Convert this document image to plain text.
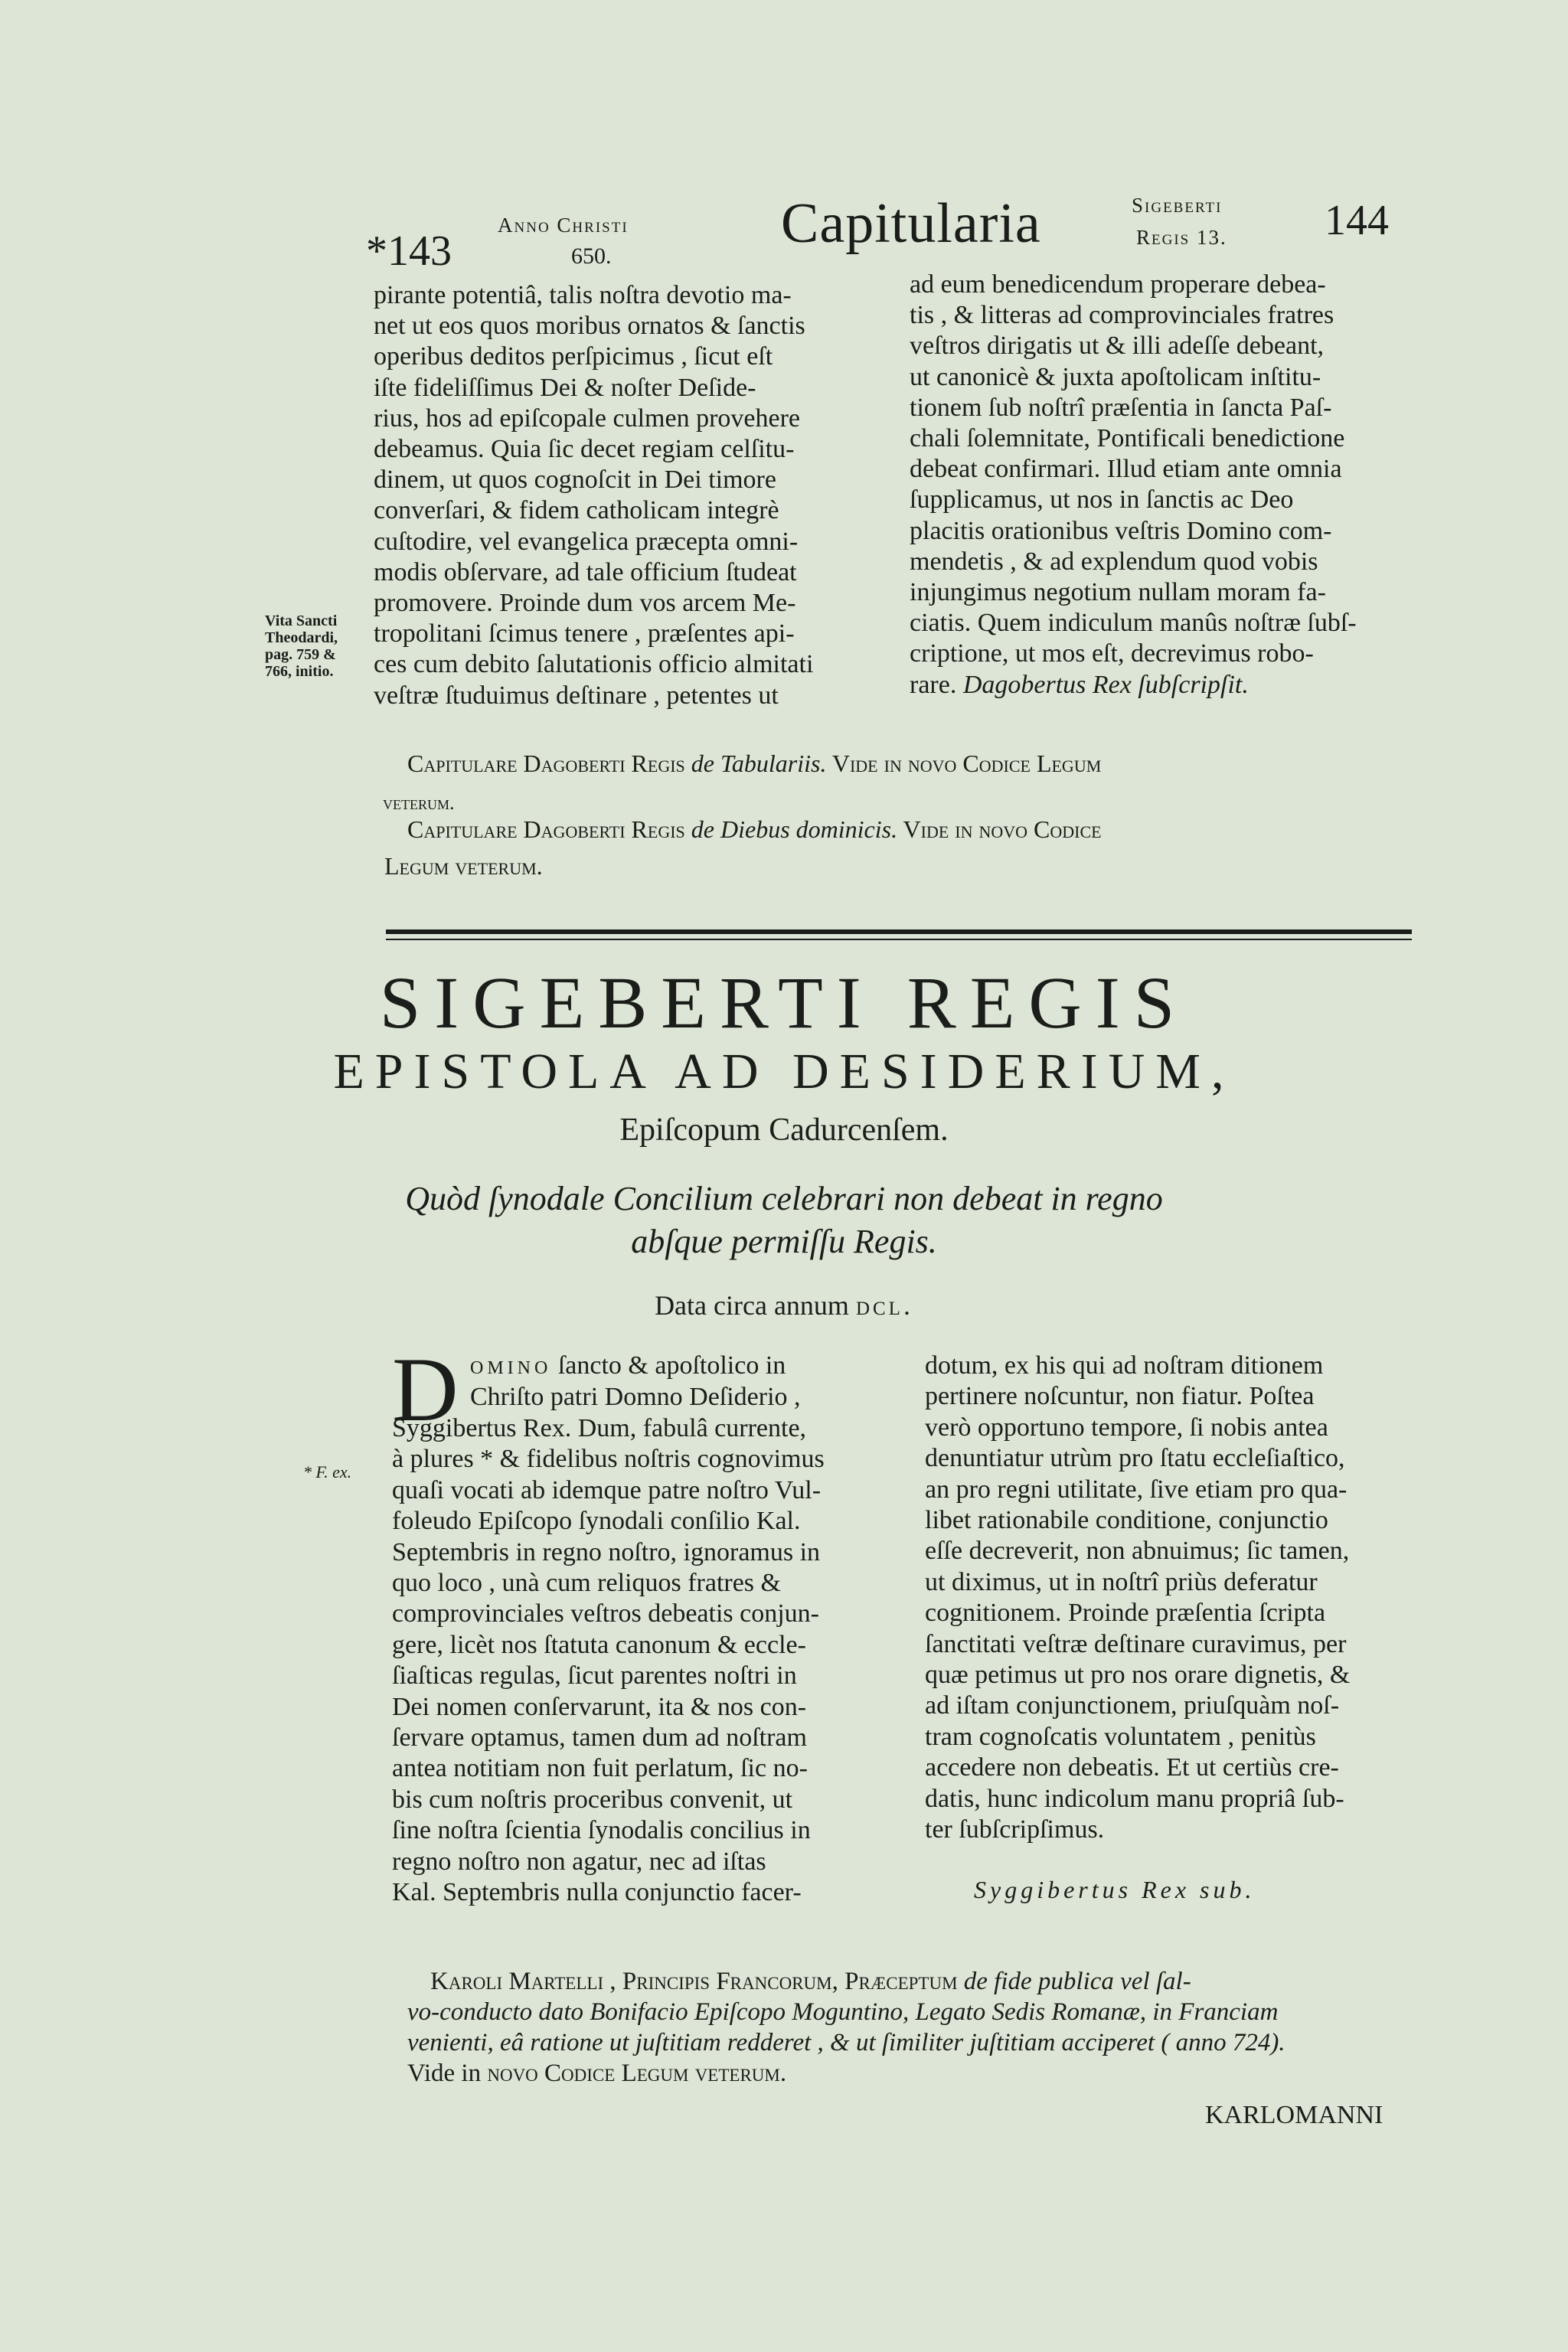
*143
Anno Christi
650.
Capitularia	Sigeberti
Regis 13. 144
Vita Sancti
Theodardi,
pag. 759 &
766, initio.
pirante potentiâ, talis noſtra devotio ma-
net ut eos quos moribus ornatos & ſanctis
operibus deditos perſpicimus , ſicut eſt
iſte fideliſſimus Dei & noſter Deſide-
rius, hos ad epiſcopale culmen provehere
debeamus. Quia ſic decet regiam celſitu-
dinem, ut quos cognoſcit in Dei timore
converſari, & fidem catholicam integrè
cuſtodire, vel evangelica præcepta omni-
modis obſervare, ad tale officium ſtudeat
promovere. Proinde dum vos arcem Me-
tropolitani ſcimus tenere , præſentes api-
ces cum debito ſalutationis officio almitati
veſtræ ſtuduimus deſtinare , petentes ut
ad eum benedicendum properare debea-
tis , & litteras ad comprovinciales fratres
veſtros dirigatis ut & illi adeſſe debeant,
ut canonicè & juxta apoſtolicam inſtitu-
tionem ſub noſtrî præſentia in ſancta Paſ-
chali ſolemnitate, Pontificali benedictione
debeat confirmari. Illud etiam ante omnia
ſupplicamus, ut nos in ſanctis ac Deo
placitis orationibus veſtris Domino com-
mendetis , & ad explendum quod vobis
injungimus negotium nullam moram fa-
ciatis. Quem indiculum manûs noſtræ ſubſ-
criptione, ut mos eſt, decrevimus robo-
rare. Dagobertus Rex ſubſcripſit.
Capitulare Dagoberti Regis de Tabulariis. Vide in novo Codice Legum
veterum.
Capitulare Dagoberti Regis de Diebus dominicis. Vide in novo Codice
Legum veterum.
SIGEBERTI REGIS
EPISTOLA AD DESIDERIUM,
Epiſcopum Cadurcenſem.
Quòd ſynodale Concilium celebrari non debeat in regno
abſque permiſſu Regis.
Data circa annum dcl.
* F. ex.
D omino ſancto & apoſtolico in
Chriſto patri Domno Deſiderio ,
Syggibertus Rex. Dum, fabulâ currente,
à plures * & fidelibus noſtris cognovimus
quaſi vocati ab idemque patre noſtro Vul-
foleudo Epiſcopo ſynodali conſilio Kal.
Septembris in regno noſtro, ignoramus in
quo loco , unà cum reliquos fratres &
comprovinciales veſtros debeatis conjun-
gere, licèt nos ſtatuta canonum & eccle-
ſiaſticas regulas, ſicut parentes noſtri in
Dei nomen conſervarunt, ita & nos con-
ſervare optamus, tamen dum ad noſtram
antea notitiam non fuit perlatum, ſic no-
bis cum noſtris proceribus convenit, ut
ſine noſtra ſcientia ſynodalis concilius in
regno noſtro non agatur, nec ad iſtas
Kal. Septembris nulla conjunctio facer-
dotum, ex his qui ad noſtram ditionem
pertinere noſcuntur, non fiatur. Poſtea
verò opportuno tempore, ſi nobis antea
denuntiatur utrùm pro ſtatu eccleſiaſtico,
an pro regni utilitate, ſive etiam pro qua-
libet rationabile conditione, conjunctio
eſſe decreverit, non abnuimus; ſic tamen,
ut diximus, ut in noſtrî priùs deferatur
cognitionem. Proinde præſentia ſcripta
ſanctitati veſtræ deſtinare curavimus, per
quæ petimus ut pro nos orare dignetis, &
ad iſtam conjunctionem, priuſquàm noſ-
tram cognoſcatis voluntatem , penitùs
accedere non debeatis. Et ut certiùs cre-
datis, hunc indicolum manu propriâ ſub-
ter ſubſcripſimus.
Syggibertus Rex sub.
Karoli Martelli , Principis Francorum, Præceptum de fide publica vel ſal-
vo-conducto dato Bonifacio Epiſcopo Moguntino, Legato Sedis Romanæ, in Franciam
venienti, eâ ratione ut juſtitiam redderet , & ut ſimiliter juſtitiam acciperet ( anno 724).
Vide in novo Codice Legum veterum.
KARLOMANNI
